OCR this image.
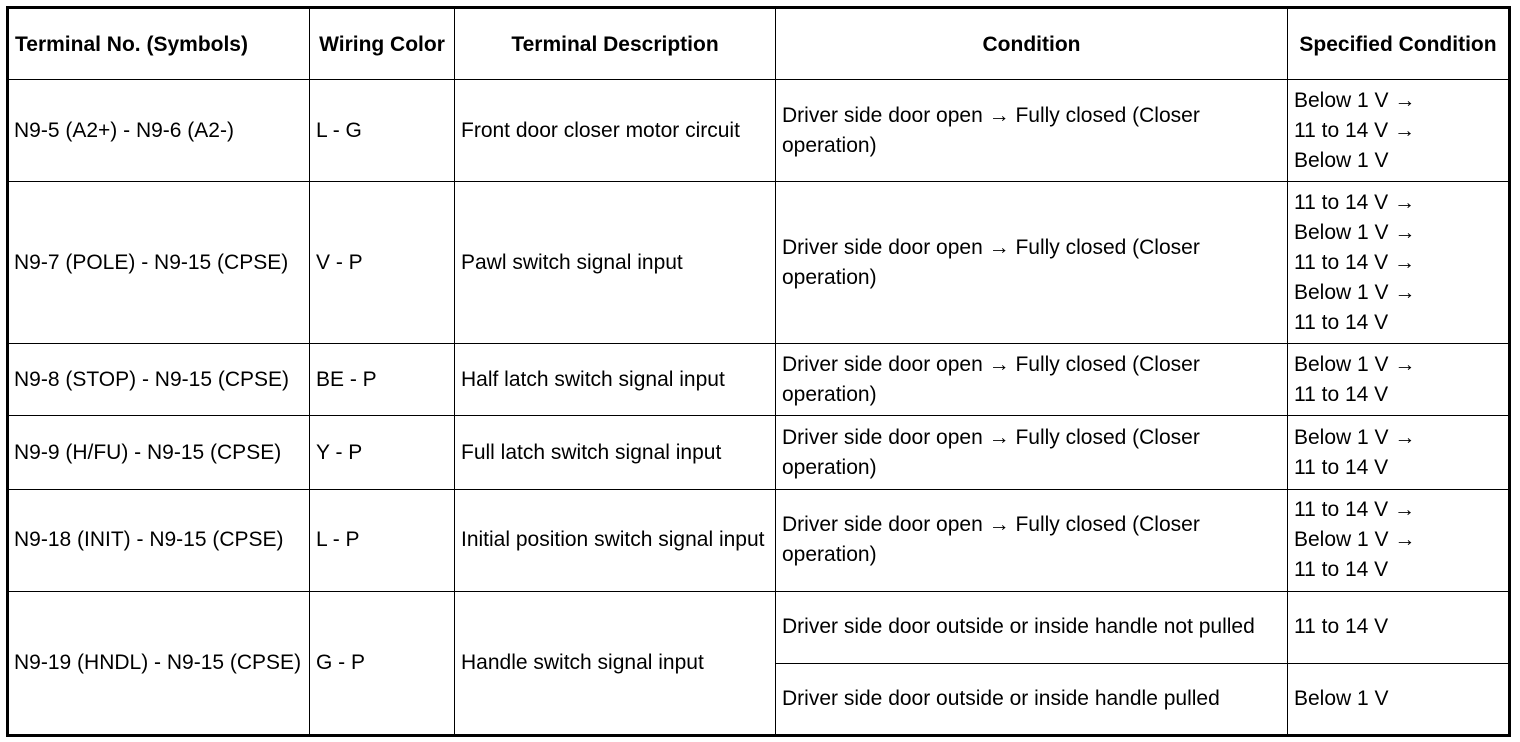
Terminal No. (Symbols)	Wiring Color	Terminal Description	Condition	Specified Condition
N9-5 (A2+) - N9-6 (A2-)	L - G	Front door closer motor circuit	Driver side door open → Fully closed (Closer operation)	Below 1 V →
11 to 14 V →
Below 1 V

N9-7 (POLE) - N9-15 (CPSE)	V - P	Pawl switch signal input	Driver side door open → Fully closed (Closer operation)	11 to 14 V →
Below 1 V →
11 to 14 V →
Below 1 V →
11 to 14 V

N9-8 (STOP) - N9-15 (CPSE)	BE - P	Half latch switch signal input	Driver side door open → Fully closed (Closer operation)	Below 1 V →
11 to 14 V

N9-9 (H/FU) - N9-15 (CPSE)	Y - P	Full latch switch signal input	Driver side door open → Fully closed (Closer operation)	Below 1 V →
11 to 14 V

N9-18 (INIT) - N9-15 (CPSE)	L - P	Initial position switch signal input	Driver side door open → Fully closed (Closer operation)	11 to 14 V →
Below 1 V →
11 to 14 V

N9-19 (HNDL) - N9-15 (CPSE)	G - P	Handle switch signal input	Driver side door outside or inside handle not pulled	11 to 14 V

			Driver side door outside or inside handle pulled	Below 1 V
